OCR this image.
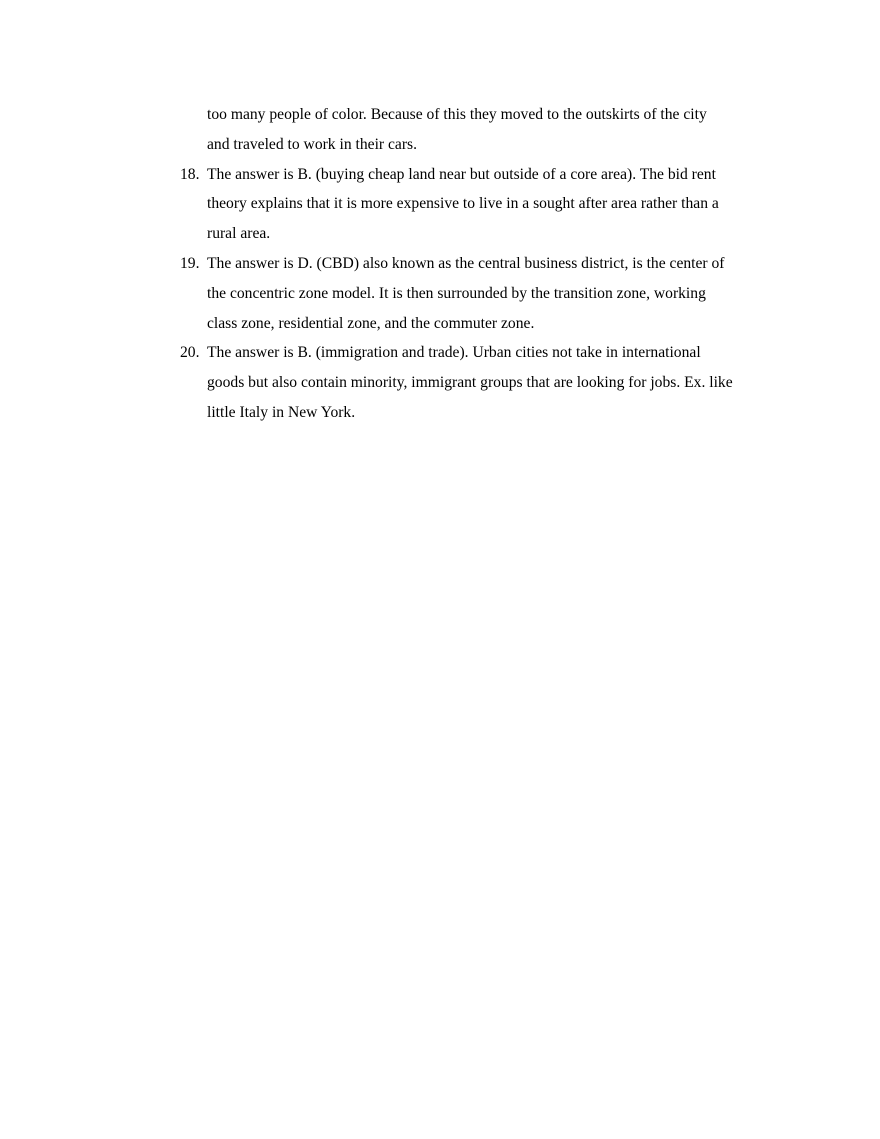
too many people of color. Because of this they moved to the outskirts of the city
and traveled to work in their cars.

18. The answer is B. (buying cheap land near but outside of a core area). The bid rent
theory explains that it is more expensive to live in a sought after area rather than a
rural area.
19. The answer is D. (CBD) also known as the central business district, is the center of
the concentric zone model. It is then surrounded by the transition zone, working
class zone, residential zone, and the commuter zone.
20. The answer is B. (immigration and trade). Urban cities not take in international
goods but also contain minority, immigrant groups that are looking for jobs. Ex. like
little Italy in New York.
